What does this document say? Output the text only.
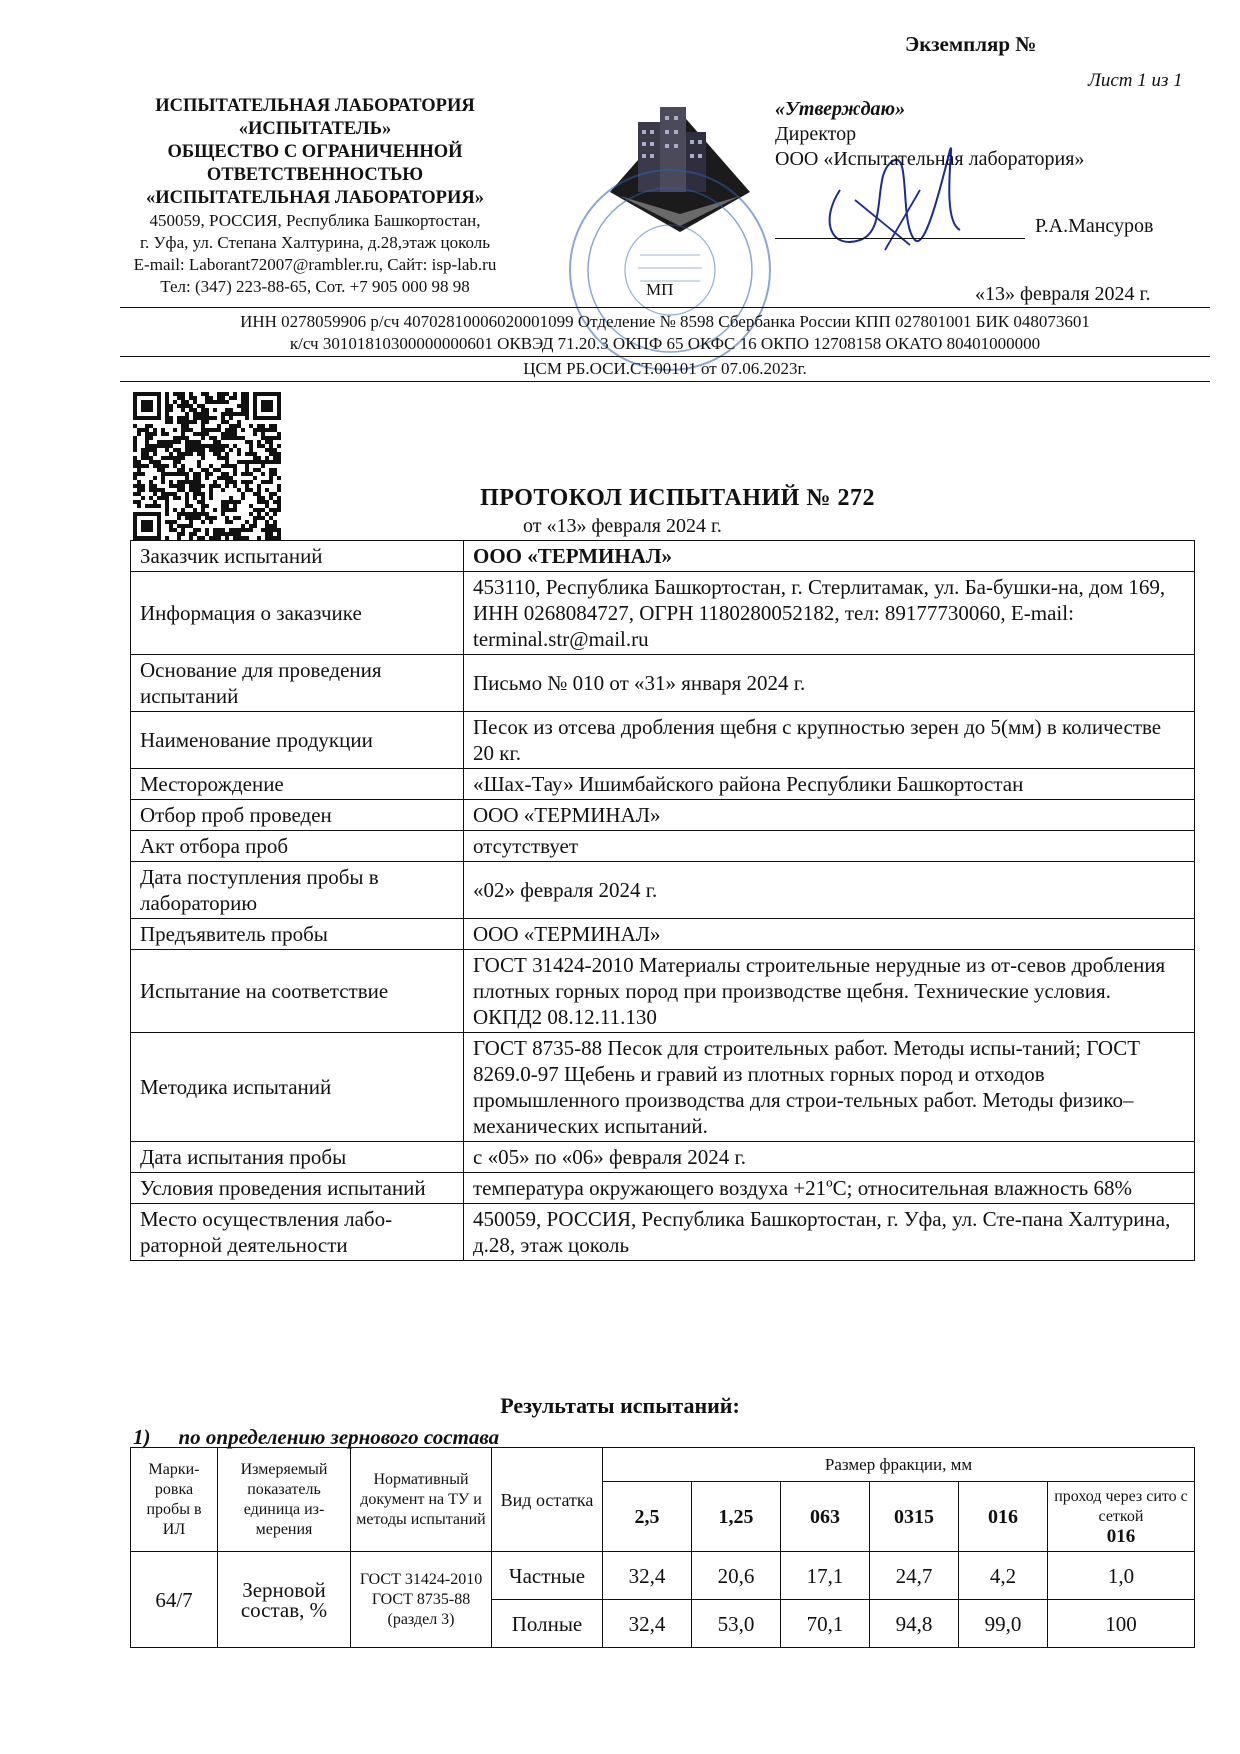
Экземпляр №
Лист 1 из 1
ИСПЫТАТЕЛЬНАЯ ЛАБОРАТОРИЯ
«ИСПЫТАТЕЛЬ»
ОБЩЕСТВО С ОГРАНИЧЕННОЙ
ОТВЕТСТВЕННОСТЬЮ
«ИСПЫТАТЕЛЬНАЯ ЛАБОРАТОРИЯ»
450059, РОССИЯ, Республика Башкортостан,
г. Уфа, ул. Степана Халтурина, д.28,этаж цоколь
E-mail: Laborant72007@rambler.ru, Сайт: isp-lab.ru
Тел: (347) 223-88-65, Сот. +7 905 000 98 98
«Утверждаю»
Директор
ООО «Испытательная лаборатория»
Р.А.Мансуров
МП	«13» февраля 2024 г.
ИНН 0278059906 р/сч 40702810006020001099 Отделение № 8598 Сбербанка России КПП 027801001 БИК 048073601
к/сч 30101810300000000601 ОКВЭД 71.20.3 ОКПФ 65 ОКФС 16 ОКПО 12708158 ОКАТО 80401000000
ЦСМ РБ.ОСИ.СТ.00101 от 07.06.2023г.
ПРОТОКОЛ ИСПЫТАНИЙ № 272
от «13» февраля 2024 г.
Заказчик испытаний	ООО «ТЕРМИНАЛ»
Информация о заказчике	453110, Республика Башкортостан, г. Стерлитамак, ул. Ба-бушки-на, дом 169, ИНН 0268084727, ОГРН 1180280052182, тел: 89177730060, E-mail: terminal.str@mail.ru
Основание для проведения испытаний	Письмо № 010 от «31» января 2024 г.
Наименование продукции	Песок из отсева дробления щебня с крупностью зерен до 5(мм) в количестве 20 кг.
Месторождение	«Шах-Тау» Ишимбайского района Республики Башкортостан
Отбор проб проведен	ООО «ТЕРМИНАЛ»
Акт отбора проб	отсутствует
Дата поступления пробы в лабораторию	«02» февраля 2024 г.
Предъявитель пробы	ООО «ТЕРМИНАЛ»
Испытание на соответствие	ГОСТ 31424-2010 Материалы строительные нерудные из от-севов дробления плотных горных пород при производстве щебня. Технические условия. ОКПД2 08.12.11.130
Методика испытаний	ГОСТ 8735-88 Песок для строительных работ. Методы испы-таний; ГОСТ 8269.0-97 Щебень и гравий из плотных горных пород и отходов промышленного производства для строи-тельных работ. Методы физико–механических испытаний.
Дата испытания пробы	с «05» по «06» февраля 2024 г.
Условия проведения испытаний	температура окружающего воздуха +21ºС; относительная влажность 68%
Место осуществления лабо-раторной деятельности	450059, РОССИЯ, Республика Башкортостан, г. Уфа, ул. Сте-пана Халтурина, д.28, этаж цоколь
Результаты испытаний:
1) по определению зернового состава
Марки-ровка пробы в ИЛ	Измеряемый показатель единица из-мерения	Нормативный документ на ТУ и методы испытаний	Вид остатка	Размер фракции, мм					
				2,5	1,25	063	0315	016	проход через сито с сеткой
016

64/7	Зерновой состав, %	ГОСТ 31424-2010 ГОСТ 8735-88 (раздел 3)	Частные	32,4	20,6	17,1	24,7	4,2	1,0
			Полные	32,4	53,0	70,1	94,8	99,0	100
